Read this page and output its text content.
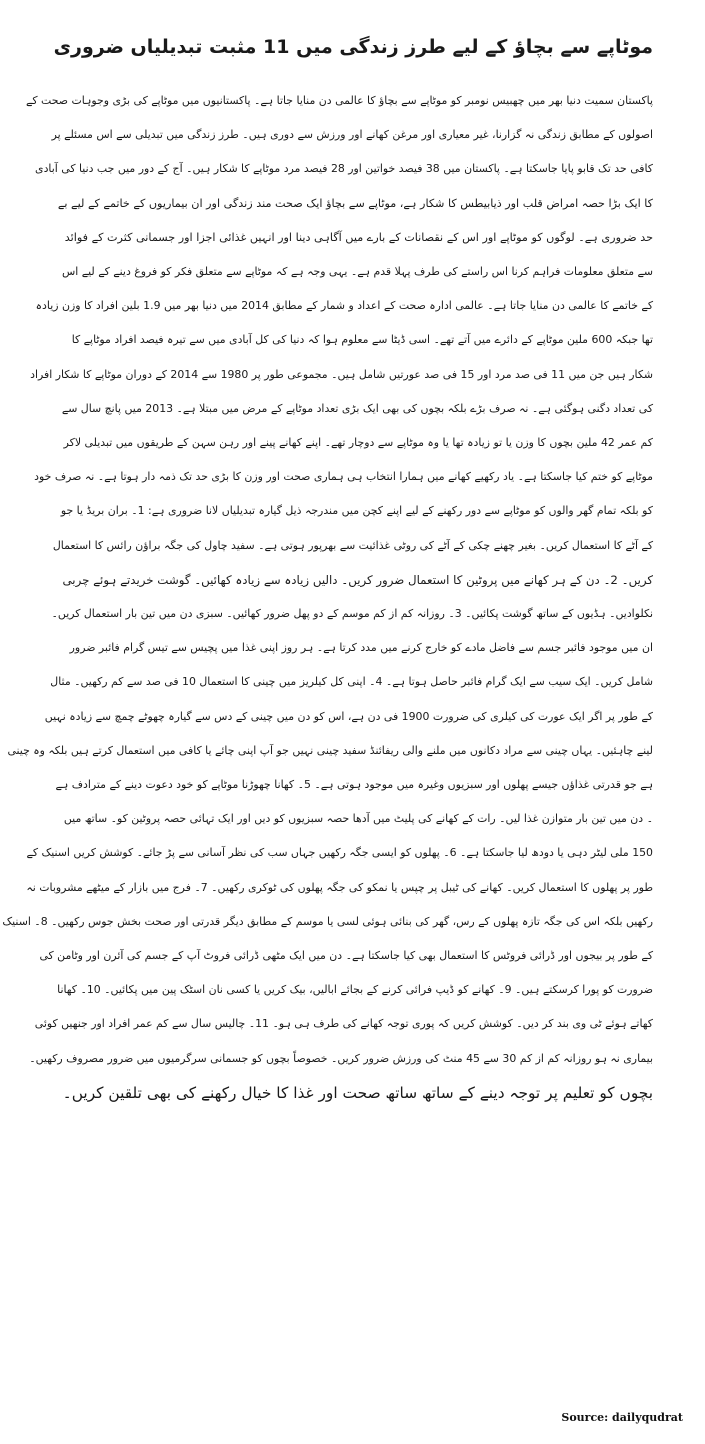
موٹاپے سے بچاؤ کے لیے طرز زندگی میں 11 مثبت تبدیلیاں ضروری
پاکستان سمیت دنیا بھر میں چھبیس نومبر کو موٹاپے سے بچاؤ کا عالمی دن منایا جاتا ہے۔ پاکستانیوں میں موٹاپے کی بڑی وجوہات صحت کے
اصولوں کے مطابق زندگی نہ گزارنا، غیر معیاری اور مرغن کھانے اور ورزش سے دوری ہیں۔ طرز زندگی میں تبدیلی سے اس مسئلے پر
کافی حد تک قابو پایا جاسکتا ہے۔ پاکستان میں 38 فیصد خواتین اور 28 فیصد مرد موٹاپے کا شکار ہیں۔ آج کے دور میں جب دنیا کی آبادی
کا ایک بڑا حصہ امراض قلب اور ذیابیطس کا شکار ہے، موٹاپے سے بچاؤ ایک صحت مند زندگی اور ان بیماریوں کے خاتمے کے لیے بے
حد ضروری ہے۔ لوگوں کو موٹاپے اور اس کے نقصانات کے بارے میں آگاہی دینا اور انہیں غذائی اجزا اور جسمانی کثرت کے فوائد
سے متعلق معلومات فراہم کرنا اس راستے کی طرف پہلا قدم ہے۔ یہی وجہ ہے کہ موٹاپے سے متعلق فکر کو فروغ دینے کے لیے اس
کے خاتمے کا عالمی دن منایا جاتا ہے۔ عالمی ادارہ صحت کے اعداد و شمار کے مطابق 2014 میں دنیا بھر میں 1.9 بلین افراد کا وزن زیادہ
تھا جبکہ 600 ملین موٹاپے کے دائرے میں آتے تھے۔ اسی ڈیٹا سے معلوم ہوا کہ دنیا کی کل آبادی میں سے تیرہ فیصد افراد موٹاپے کا
شکار ہیں جن میں 11 فی صد مرد اور 15 فی صد عورتیں شامل ہیں۔ مجموعی طور پر 1980 سے 2014 کے دوران موٹاپے کا شکار افراد
کی تعداد دگنی ہوگئی ہے۔ نہ صرف بڑے بلکہ بچوں کی بھی ایک بڑی تعداد موٹاپے کے مرض میں مبتلا ہے۔ 2013 میں پانچ سال سے
کم عمر 42 ملین بچوں کا وزن یا تو زیادہ تھا یا وہ موٹاپے سے دوچار تھے۔ اپنے کھانے پینے اور رہن سہن کے طریقوں میں تبدیلی لاکر
موٹاپے کو ختم کیا جاسکتا ہے۔ یاد رکھیے کھانے میں ہمارا انتخاب ہی ہماری صحت اور وزن کا بڑی حد تک ذمہ دار ہوتا ہے۔ نہ صرف خود
کو بلکہ تمام گھر والوں کو موٹاپے سے دور رکھنے کے لیے اپنے کچن میں مندرجہ ذیل گیارہ تبدیلیاں لانا ضروری ہے: 1۔ بران بریڈ یا جو
کے آٹے کا استعمال کریں۔ بغیر چھنے چکی کے آٹے کی روٹی غذائیت سے بھرپور ہوتی ہے۔ سفید چاول کی جگہ براؤن رائس کا استعمال
کریں۔ 2۔ دن کے ہر کھانے میں پروٹین کا استعمال ضرور کریں۔ دالیں زیادہ سے زیادہ کھائیں۔ گوشت خریدتے ہوئے چربی
نکلوادیں۔ ہڈیوں کے ساتھ گوشت پکائیں۔ 3۔ روزانہ کم از کم موسم کے دو پھل ضرور کھائیں۔ سبزی دن میں تین بار استعمال کریں۔
ان میں موجود فائبر جسم سے فاضل مادے کو خارج کرنے میں مدد کرتا ہے۔ ہر روز اپنی غذا میں پچیس سے تیس گرام فائبر ضرور
شامل کریں۔ ایک سیب سے ایک گرام فائبر حاصل ہوتا ہے۔ 4۔ اپنی کل کیلریز میں چینی کا استعمال 10 فی صد سے کم رکھیں۔ مثال
کے طور پر اگر ایک عورت کی کیلری کی ضرورت 1900 فی دن ہے، اس کو دن میں چینی کے دس سے گیارہ چھوٹے چمچ سے زیادہ نہیں
لینے چاہئیں۔ یہاں چینی سے مراد دکانوں میں ملنے والی ریفائنڈ سفید چینی نہیں جو آپ اپنی چائے یا کافی میں استعمال کرتے ہیں بلکہ وہ چینی
ہے جو قدرتی غذاؤں جیسے پھلوں اور سبزیوں وغیرہ میں موجود ہوتی ہے۔ 5۔ کھانا چھوڑنا موٹاپے کو خود دعوت دینے کے مترادف ہے
۔ دن میں تین بار متوازن غذا لیں۔ رات کے کھانے کی پلیٹ میں آدھا حصہ سبزیوں کو دیں اور ایک تہائی حصہ پروٹین کو۔ ساتھ میں
150 ملی لیٹر دہی یا دودھ لیا جاسکتا ہے۔ 6۔ پھلوں کو ایسی جگہ رکھیں جہاں سب کی نظر آسانی سے پڑ جائے۔ کوشش کریں اسنیک کے
طور پر پھلوں کا استعمال کریں۔ کھانے کی ٹیبل پر چپس یا نمکو کی جگہ پھلوں کی ٹوکری رکھیں۔ 7۔ فرج میں بازار کے میٹھے مشروبات نہ
رکھیں بلکہ اس کی جگہ تازہ پھلوں کے رس، گھر کی بنائی ہوئی لسی یا موسم کے مطابق دیگر قدرتی اور صحت بخش جوس رکھیں۔ 8۔ اسنیک
کے طور پر بیجوں اور ڈرائی فروٹس کا استعمال بھی کیا جاسکتا ہے۔ دن میں ایک مٹھی ڈرائی فروٹ آپ کے جسم کی آئرن اور وٹامن کی
ضرورت کو پورا کرسکتے ہیں۔ 9۔ کھانے کو ڈیپ فرائی کرنے کے بجائے ابالیں، بیک کریں یا کسی نان اسٹک پین میں پکائیں۔ 10۔ کھانا
کھاتے ہوئے ٹی وی بند کر دیں۔ کوشش کریں کہ پوری توجہ کھانے کی طرف ہی ہو۔ 11۔ چالیس سال سے کم عمر افراد اور جنھیں کوئی
بیماری نہ ہو روزانہ کم از کم 30 سے 45 منٹ کی ورزش ضرور کریں۔ خصوصاً بچوں کو جسمانی سرگرمیوں میں ضرور مصروف رکھیں۔
بچوں کو تعلیم پر توجہ دینے کے ساتھ ساتھ صحت اور غذا کا خیال رکھنے کی بھی تلقین کریں۔
Source: dailyqudrat
